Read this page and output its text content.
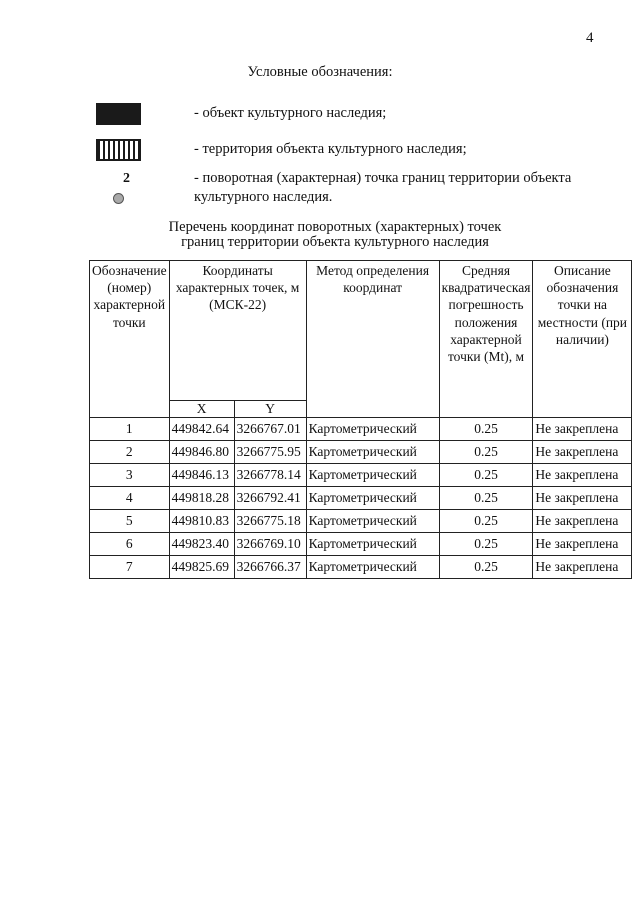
4
Условные обозначения:
- объект культурного наследия;
- территория объекта культурного наследия;
2	- поворотная (характерная) точка границ территории объекта культурного наследия.
Перечень координат поворотных (характерных) точек
границ территории объекта культурного наследия
Обозначение (номер) характерной точки	Координаты характерных точек, м (МСК-22)		Метод определения координат	Средняя квадратическая погрешность положения характерной точки (Mt), м	Описание обозначения точки на местности (при наличии)
	X	Y			
1	449842.64	3266767.01	Картометрический	0.25	Не закреплена
2	449846.80	3266775.95	Картометрический	0.25	Не закреплена
3	449846.13	3266778.14	Картометрический	0.25	Не закреплена
4	449818.28	3266792.41	Картометрический	0.25	Не закреплена
5	449810.83	3266775.18	Картометрический	0.25	Не закреплена
6	449823.40	3266769.10	Картометрический	0.25	Не закреплена
7	449825.69	3266766.37	Картометрический	0.25	Не закреплена
